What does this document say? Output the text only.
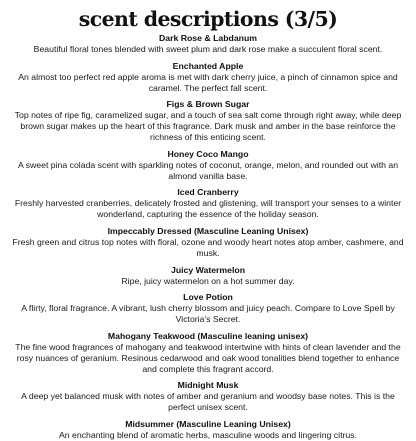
scent descriptions (3/5)
Dark Rose & Labdanum
Beautiful floral tones blended with sweet plum and dark rose make a succulent floral scent.
Enchanted Apple
An almost too perfect red apple aroma is met with dark cherry juice, a pinch of cinnamon spice and caramel. The perfect fall scent.
Figs & Brown Sugar
Top notes of ripe fig, caramelized sugar, and a touch of sea salt come through right away, while deep brown sugar makes up the heart of this fragrance. Dark musk and amber in the base reinforce the richness of this enticing scent.
Honey Coco Mango
A sweet pina colada scent with sparkling notes of coconut, orange, melon, and rounded out with an almond vanilla base.
Iced Cranberry
Freshly harvested cranberries, delicately frosted and glistening, will transport your senses to a winter wonderland, capturing the essence of the holiday season.
Impeccably Dressed (Masculine Leaning Unisex)
Fresh green and citrus top notes with floral, ozone and woody heart notes atop amber, cashmere, and musk.
Juicy Watermelon
Ripe, juicy watermelon on a hot summer day.
Love Potion
A flirty, floral fragrance. A vibrant, lush cherry blossom and juicy peach. Compare to Love Spell by Victoria's Secret.
Mahogany Teakwood (Masculine leaning unisex)
The fine wood fragrances of mahogany and teakwood intertwine with hints of clean lavender and the rosy nuances of geranium. Resinous cedarwood and oak wood tonalities blend together to enhance and complete this fragrant accord.
Midnight Musk
A deep yet balanced musk with notes of amber and geranium and woodsy base notes. This is the perfect unisex scent.
Midsummer (Masculine Leaning Unisex)
An enchanting blend of aromatic herbs, masculine woods and lingering citrus.
